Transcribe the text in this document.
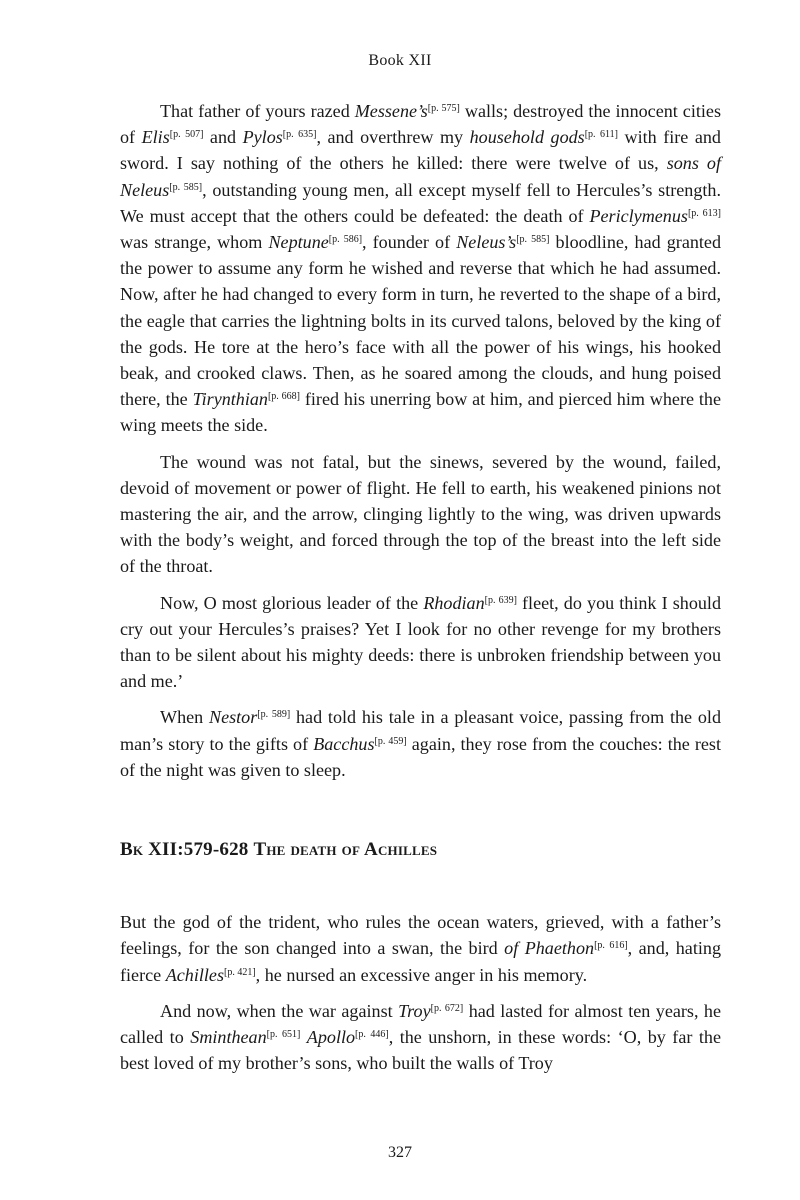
Book XII

That father of yours razed Messene’s[p. 575] walls; destroyed the innocent cities of Elis[p. 507] and Pylos[p. 635], and overthrew my household gods[p. 611] with fire and sword. I say nothing of the others he killed: there were twelve of us, sons of Neleus[p. 585], outstanding young men, all except myself fell to Hercules’s strength. We must accept that the others could be defeated: the death of Periclymenus[p. 613] was strange, whom Neptune[p. 586], founder of Neleus’s[p. 585] bloodline, had granted the power to assume any form he wished and reverse that which he had assumed. Now, after he had changed to every form in turn, he reverted to the shape of a bird, the eagle that carries the lightning bolts in its curved talons, beloved by the king of the gods. He tore at the hero’s face with all the power of his wings, his hooked beak, and crooked claws. Then, as he soared among the clouds, and hung poised there, the Tirynthian[p. 668] fired his unerring bow at him, and pierced him where the wing meets the side.

The wound was not fatal, but the sinews, severed by the wound, failed, devoid of movement or power of flight. He fell to earth, his weakened pinions not mastering the air, and the arrow, clinging lightly to the wing, was driven upwards with the body’s weight, and forced through the top of the breast into the left side of the throat.

Now, O most glorious leader of the Rhodian[p. 639] fleet, do you think I should cry out your Hercules’s praises? Yet I look for no other revenge for my brothers than to be silent about his mighty deeds: there is unbroken friendship between you and me.’

When Nestor[p. 589] had told his tale in a pleasant voice, passing from the old man’s story to the gifts of Bacchus[p. 459] again, they rose from the couches: the rest of the night was given to sleep.

Bk XII:579-628 The death of Achilles

But the god of the trident, who rules the ocean waters, grieved, with a father’s feelings, for the son changed into a swan, the bird of Phaethon[p. 616], and, hating fierce Achilles[p. 421], he nursed an excessive anger in his memory.

And now, when the war against Troy[p. 672] had lasted for almost ten years, he called to Sminthean[p. 651] Apollo[p. 446], the unshorn, in these words: ‘O, by far the best loved of my brother’s sons, who built the walls of Troy

327
